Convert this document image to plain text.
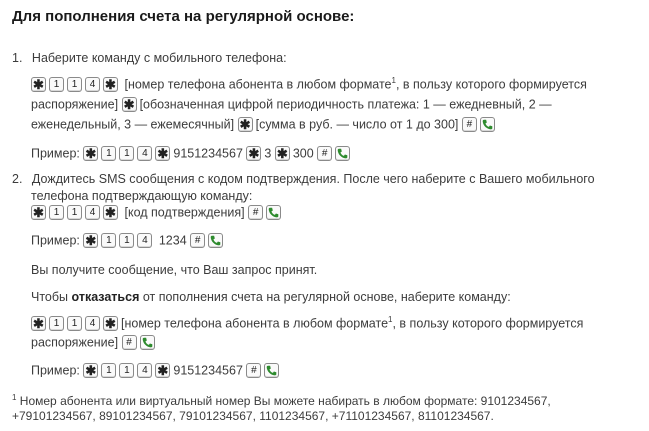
Для пополнения счета на регулярной основе:
1. Наберите команду с мобильного телефона:
✱ 1 1 4 ✱ [номер телефона абонента в любом формате$^1$, в пользу которого формируется
распоряжение] ✱ [обозначенная цифрой периодичность платежа: 1 — ежедневный, 2 —
еженедельный, 3 — ежемесячный] ✱ [сумма в руб. — число от 1 до 300] #
Пример: ✱ 1 1 4 ✱ 9151234567 ✱ 3 ✱ 300 #
2. Дождитесь SMS сообщения с кодом подтверждения. После чего наберите с Вашего мобильного
телефона подтверждающую команду:
✱ 1 1 4 ✱ [код подтверждения] #
Пример: ✱ 1 1 4 1234 #
Вы получите сообщение, что Ваш запрос принят.
Чтобы отказаться от пополнения счета на регулярной основе, наберите команду:
✱ 1 1 4 ✱ [номер телефона абонента в любом формате$^1$, в пользу которого формируется
распоряжение] #
Пример: ✱ 1 1 4 ✱ 9151234567 #
$^1$ Номер абонента или виртуальный номер Вы можете набирать в любом формате: 9101234567,
+79101234567, 89101234567, 79101234567, 1101234567, +71101234567, 81101234567.
